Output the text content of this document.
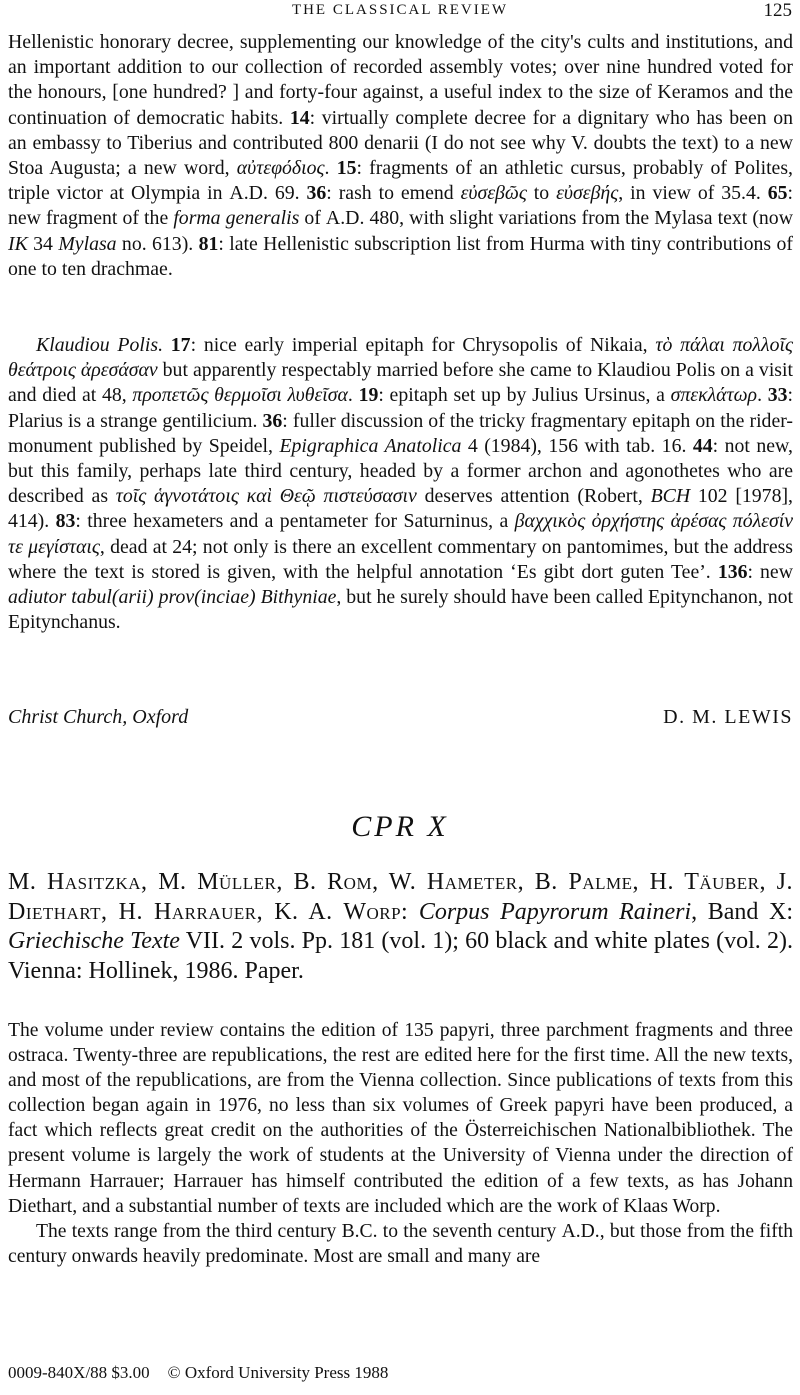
THE CLASSICAL REVIEW	125

Hellenistic honorary decree, supplementing our knowledge of the city's cults and institutions, and an important addition to our collection of recorded assembly votes; over nine hundred voted for the honours, [one hundred? ] and forty-four against, a useful index to the size of Keramos and the continuation of democratic habits. 14: virtually complete decree for a dignitary who has been on an embassy to Tiberius and contributed 800 denarii (I do not see why V. doubts the text) to a new Stoa Augusta; a new word, αὐτεφόδιος. 15: fragments of an athletic cursus, probably of Polites, triple victor at Olympia in A.D. 69. 36: rash to emend εὐσεβῶς to εὐσεβής, in view of 35.4. 65: new fragment of the forma generalis of A.D. 480, with slight variations from the Mylasa text (now IK 34 Mylasa no. 613). 81: late Hellenistic subscription list from Hurma with tiny contributions of one to ten drachmae.

Klaudiou Polis. 17: nice early imperial epitaph for Chrysopolis of Nikaia, τὸ πάλαι πολλοῖς θεάτροις ἀρεσάσαν but apparently respectably married before she came to Klaudiou Polis on a visit and died at 48, προπετῶς θερμοῖσι λυθεῖσα. 19: epitaph set up by Julius Ursinus, a σπεκλάτωρ. 33: Plarius is a strange gentilicium. 36: fuller discussion of the tricky fragmentary epitaph on the rider-monument published by Speidel, Epigraphica Anatolica 4 (1984), 156 with tab. 16. 44: not new, but this family, perhaps late third century, headed by a former archon and agonothetes who are described as τοῖς ἁγνοτάτοις καὶ Θεῷ πιστεύσασιν deserves attention (Robert, BCH 102 [1978], 414). 83: three hexameters and a pentameter for Saturninus, a βαχχικὸς ὀρχήστης ἀρέσας πόλεσίν τε μεγίσταις, dead at 24; not only is there an excellent commentary on pantomimes, but the address where the text is stored is given, with the helpful annotation ‘Es gibt dort guten Tee’. 136: new adiutor tabul(arii) prov(inciae) Bithyniae, but he surely should have been called Epitynchanon, not Epitynchanus.

Christ Church, Oxford	D. M. LEWIS
CPR X
M. Hasitzka, M. Müller, B. Rom, W. Hameter, B. Palme, H. Täuber, J. Diethart, H. Harrauer, K. A. Worp: Corpus Papyrorum Raineri, Band X: Griechische Texte VII. 2 vols. Pp. 181 (vol. 1); 60 black and white plates (vol. 2). Vienna: Hollinek, 1986. Paper.

The volume under review contains the edition of 135 papyri, three parchment fragments and three ostraca. Twenty-three are republications, the rest are edited here for the first time. All the new texts, and most of the republications, are from the Vienna collection. Since publications of texts from this collection began again in 1976, no less than six volumes of Greek papyri have been produced, a fact which reflects great credit on the authorities of the Österreichischen Nationalbibliothek. The present volume is largely the work of students at the University of Vienna under the direction of Hermann Harrauer; Harrauer has himself contributed the edition of a few texts, as has Johann Diethart, and a substantial number of texts are included which are the work of Klaas Worp.

The texts range from the third century B.C. to the seventh century A.D., but those from the fifth century onwards heavily predominate. Most are small and many are

0009-840X/88 $3.00 © Oxford University Press 1988
